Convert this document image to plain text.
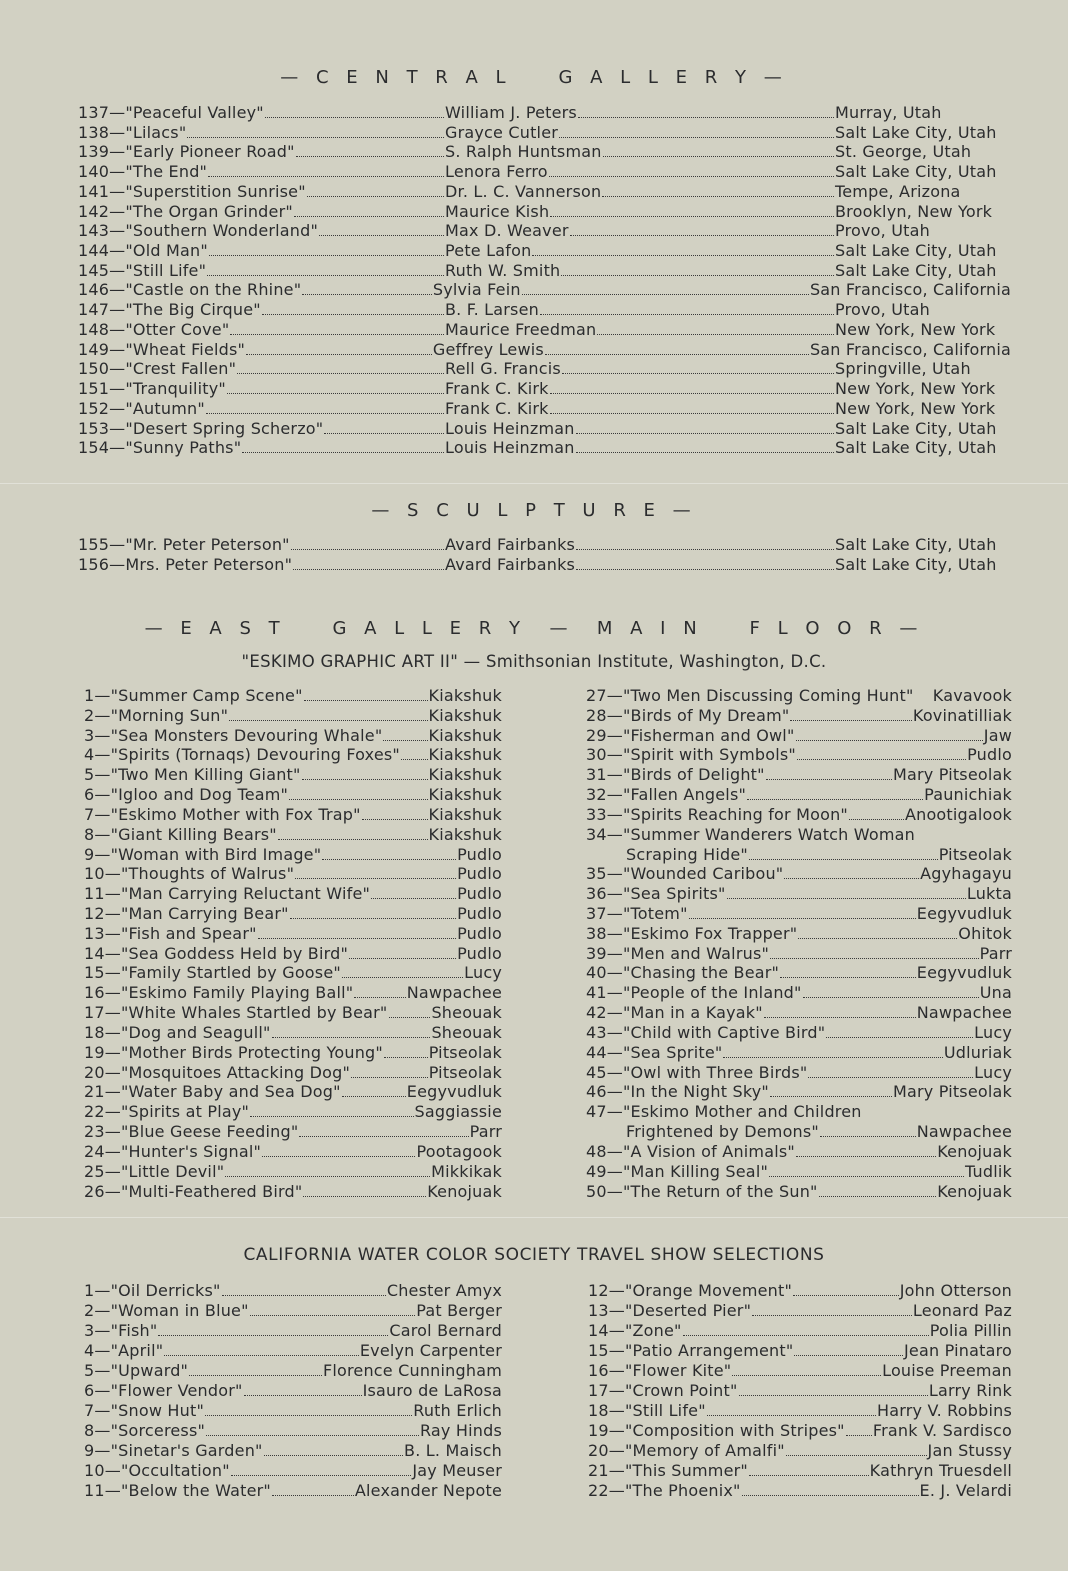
— C E N T R A L    G A L L E R Y —
137—"Peaceful Valley"	William J. Peters	Murray, Utah
138—"Lilacs"	Grayce Cutler	Salt Lake City, Utah
139—"Early Pioneer Road"	S. Ralph Huntsman	St. George, Utah
140—"The End"	Lenora Ferro	Salt Lake City, Utah
141—"Superstition Sunrise"	Dr. L. C. Vannerson	Tempe, Arizona
142—"The Organ Grinder"	Maurice Kish	Brooklyn, New York
143—"Southern Wonderland"	Max D. Weaver	Provo, Utah
144—"Old Man"	Pete Lafon	Salt Lake City, Utah
145—"Still Life"	Ruth W. Smith	Salt Lake City, Utah
146—"Castle on the Rhine"	Sylvia Fein	San Francisco, California
147—"The Big Cirque"	B. F. Larsen	Provo, Utah
148—"Otter Cove"	Maurice Freedman	New York, New York
149—"Wheat Fields"	Geffrey Lewis	San Francisco, California
150—"Crest Fallen"	Rell G. Francis	Springville, Utah
151—"Tranquility"	Frank C. Kirk	New York, New York
152—"Autumn"	Frank C. Kirk	New York, New York
153—"Desert Spring Scherzo"	Louis Heinzman	Salt Lake City, Utah
154—"Sunny Paths"	Louis Heinzman	Salt Lake City, Utah
— S C U L P T U R E —
155—"Mr. Peter Peterson"	Avard Fairbanks	Salt Lake City, Utah
156—Mrs. Peter Peterson"	Avard Fairbanks	Salt Lake City, Utah
— E A S T    G A L L E R Y  —  M A I N    F L O O R —
"ESKIMO GRAPHIC ART II" — Smithsonian Institute, Washington, D.C.
1—"Summer Camp Scene"	Kiakshuk
2—"Morning Sun"	Kiakshuk
3—"Sea Monsters Devouring Whale"	Kiakshuk
4—"Spirits (Tornaqs) Devouring Foxes" Kiakshuk
5—"Two Men Killing Giant"	Kiakshuk
6—"Igloo and Dog Team"	Kiakshuk
7—"Eskimo Mother with Fox Trap"	Kiakshuk
8—"Giant Killing Bears"	Kiakshuk
9—"Woman with Bird Image"	Pudlo
10—"Thoughts of Walrus"	Pudlo
11—"Man Carrying Reluctant Wife"	Pudlo
12—"Man Carrying Bear"	Pudlo
13—"Fish and Spear"	Pudlo
14—"Sea Goddess Held by Bird"	Pudlo
15—"Family Startled by Goose"	Lucy
16—"Eskimo Family Playing Ball"	Nawpachee
17—"White Whales Startled by Bear"	Sheouak
18—"Dog and Seagull"	Sheouak
19—"Mother Birds Protecting Young"	Pitseolak
20—"Mosquitoes Attacking Dog"	Pitseolak
21—"Water Baby and Sea Dog"	Eegyvudluk
22—"Spirits at Play"	Saggiassie
23—"Blue Geese Feeding"	Parr
24—"Hunter's Signal"	Pootagook
25—"Little Devil"	Mikkikak
26—"Multi-Feathered Bird"	Kenojuak
27—"Two Men Discussing Coming Hunt" Kavavook
28—"Birds of My Dream"	Kovinatilliak
29—"Fisherman and Owl"	Jaw
30—"Spirit with Symbols"	Pudlo
31—"Birds of Delight"	Mary Pitseolak
32—"Fallen Angels"	Paunichiak
33—"Spirits Reaching for Moon"	Anootigalook
34—"Summer Wanderers Watch Woman
Scraping Hide"	Pitseolak
35—"Wounded Caribou"	Agyhagayu
36—"Sea Spirits"	Lukta
37—"Totem"	Eegyvudluk
38—"Eskimo Fox Trapper"	Ohitok
39—"Men and Walrus"	Parr
40—"Chasing the Bear"	Eegyvudluk
41—"People of the Inland"	Una
42—"Man in a Kayak"	Nawpachee
43—"Child with Captive Bird"	Lucy
44—"Sea Sprite"	Udluriak
45—"Owl with Three Birds"	Lucy
46—"In the Night Sky"	Mary Pitseolak
47—"Eskimo Mother and Children
Frightened by Demons"	Nawpachee
48—"A Vision of Animals"	Kenojuak
49—"Man Killing Seal"	Tudlik
50—"The Return of the Sun"	Kenojuak
CALIFORNIA WATER COLOR SOCIETY TRAVEL SHOW SELECTIONS
1—"Oil Derricks"	Chester Amyx
2—"Woman in Blue"	Pat Berger
3—"Fish"	Carol Bernard
4—"April"	Evelyn Carpenter
5—"Upward"	Florence Cunningham
6—"Flower Vendor"	Isauro de LaRosa
7—"Snow Hut"	Ruth Erlich
8—"Sorceress"	Ray Hinds
9—"Sinetar's Garden"	B. L. Maisch
10—"Occultation"	Jay Meuser
11—"Below the Water"	Alexander Nepote
12—"Orange Movement"	John Otterson
13—"Deserted Pier"	Leonard Paz
14—"Zone"	Polia Pillin
15—"Patio Arrangement"	Jean Pinataro
16—"Flower Kite"	Louise Preeman
17—"Crown Point"	Larry Rink
18—"Still Life"	Harry V. Robbins
19—"Composition with Stripes" Frank V. Sardisco
20—"Memory of Amalfi"	Jan Stussy
21—"This Summer"	Kathryn Truesdell
22—"The Phoenix"	E. J. Velardi
